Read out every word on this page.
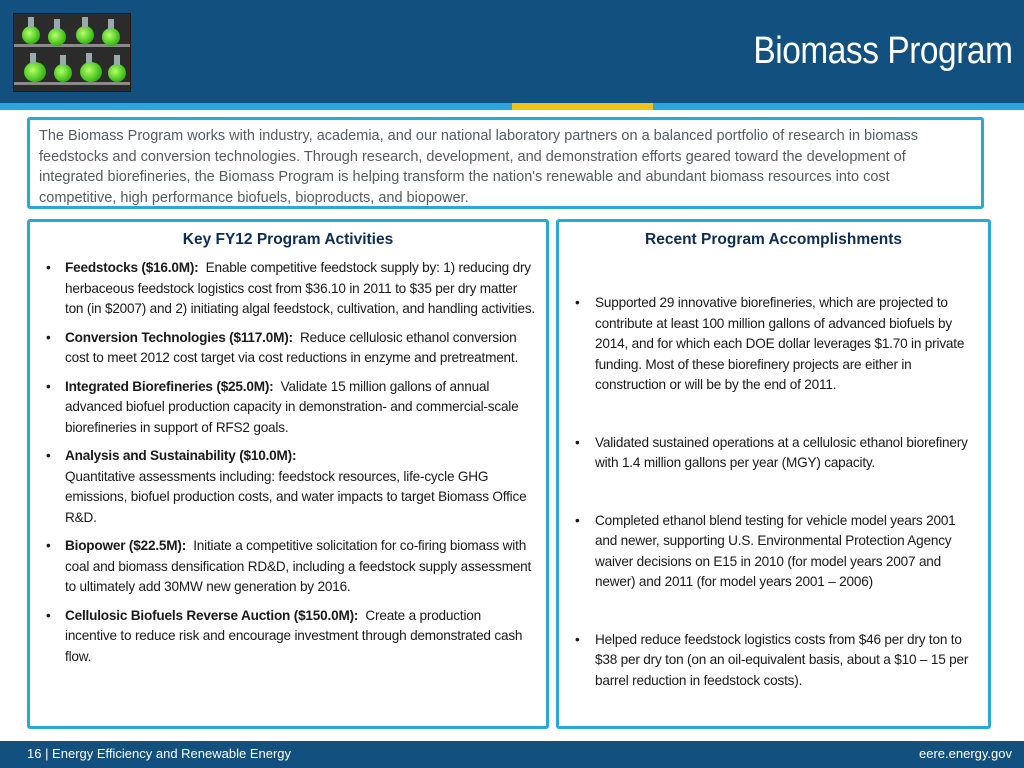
Biomass Program
The Biomass Program works with industry, academia, and our national laboratory partners on a balanced portfolio of research in biomass feedstocks and conversion technologies. Through research, development, and demonstration efforts geared toward the development of integrated biorefineries, the Biomass Program is helping transform the nation's renewable and abundant biomass resources into cost competitive, high performance biofuels, bioproducts, and biopower.
Key FY12 Program Activities
• Feedstocks ($16.0M): Enable competitive feedstock supply by: 1) reducing dry herbaceous feedstock logistics cost from $36.10 in 2011 to $35 per dry matter ton (in $2007) and 2) initiating algal feedstock, cultivation, and handling activities.
• Conversion Technologies ($117.0M): Reduce cellulosic ethanol conversion cost to meet 2012 cost target via cost reductions in enzyme and pretreatment.
• Integrated Biorefineries ($25.0M): Validate 15 million gallons of annual advanced biofuel production capacity in demonstration- and commercial-scale biorefineries in support of RFS2 goals.
• Analysis and Sustainability ($10.0M):
Quantitative assessments including: feedstock resources, life-cycle GHG emissions, biofuel production costs, and water impacts to target Biomass Office R&D.
• Biopower ($22.5M): Initiate a competitive solicitation for co-firing biomass with coal and biomass densification RD&D, including a feedstock supply assessment to ultimately add 30MW new generation by 2016.
• Cellulosic Biofuels Reverse Auction ($150.0M): Create a production incentive to reduce risk and encourage investment through demonstrated cash flow.
Recent Program Accomplishments
• Supported 29 innovative biorefineries, which are projected to contribute at least 100 million gallons of advanced biofuels by 2014, and for which each DOE dollar leverages $1.70 in private funding. Most of these biorefinery projects are either in construction or will be by the end of 2011.
• Validated sustained operations at a cellulosic ethanol biorefinery with 1.4 million gallons per year (MGY) capacity.
• Completed ethanol blend testing for vehicle model years 2001 and newer, supporting U.S. Environmental Protection Agency waiver decisions on E15 in 2010 (for model years 2007 and newer) and 2011 (for model years 2001 – 2006)
• Helped reduce feedstock logistics costs from $46 per dry ton to $38 per dry ton (on an oil-equivalent basis, about a $10 – 15 per barrel reduction in feedstock costs).
16 | Energy Efficiency and Renewable Energy	eere.energy.gov
